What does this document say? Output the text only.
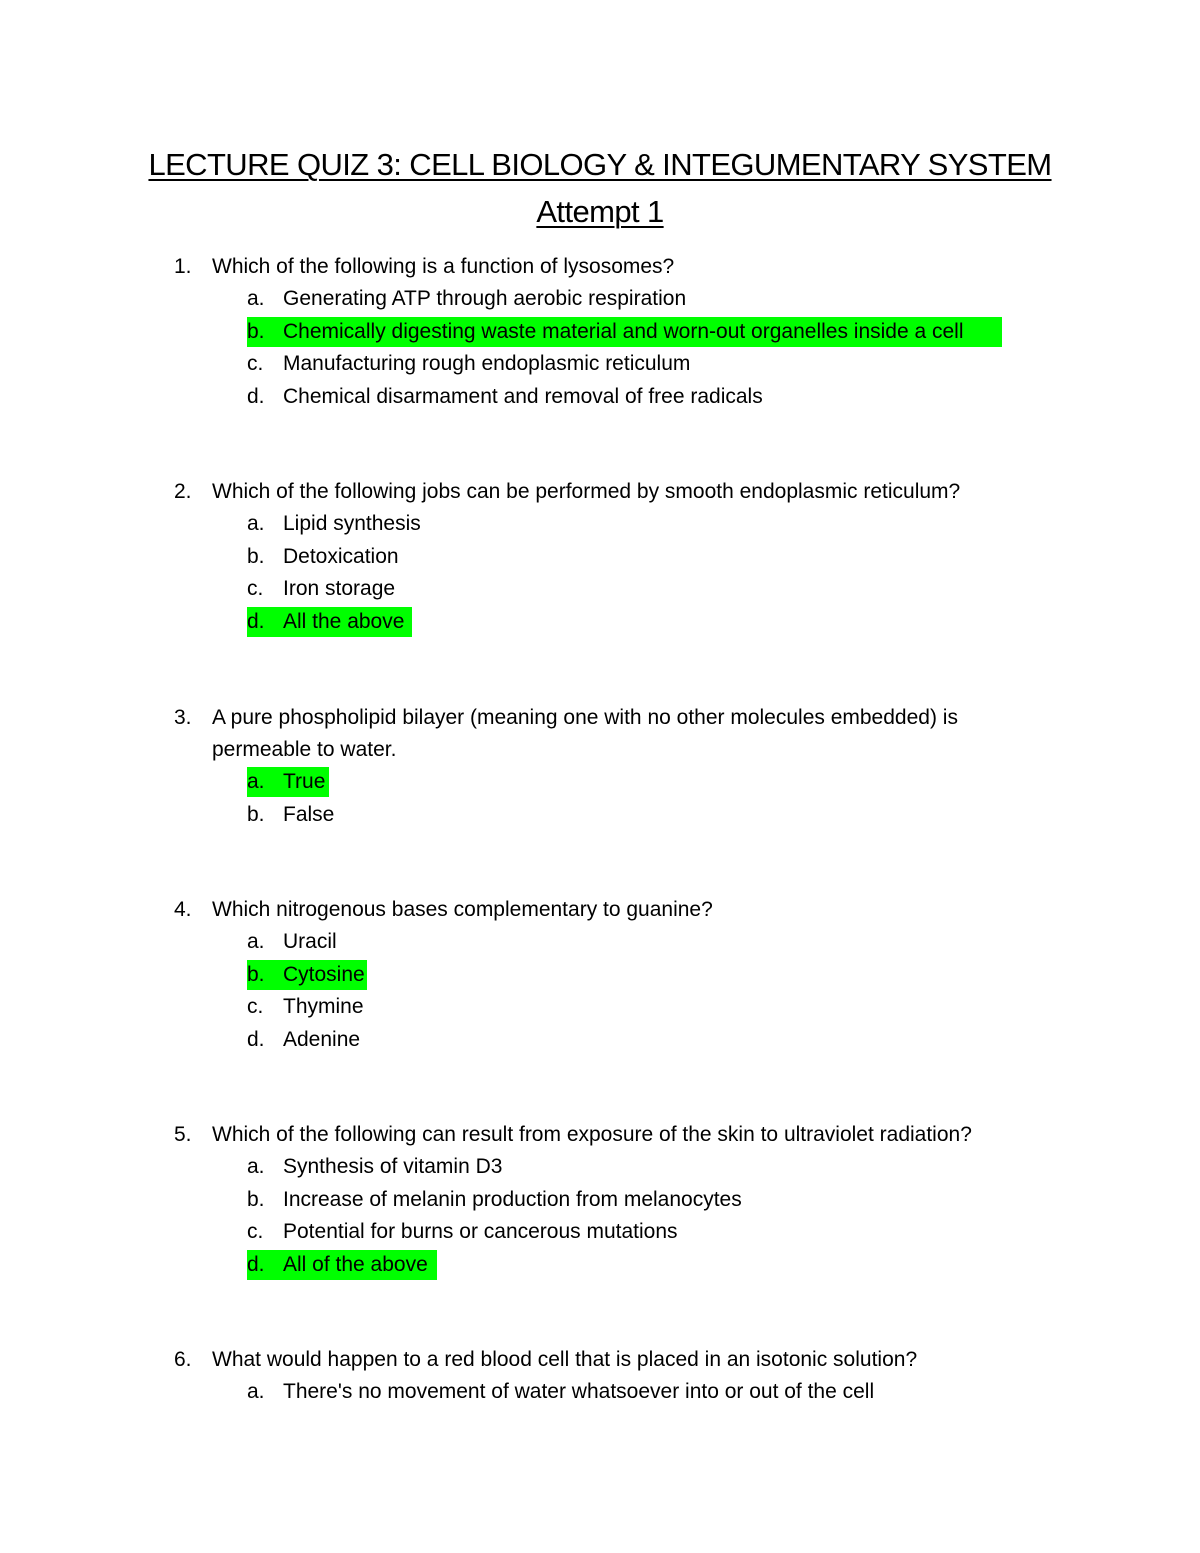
LECTURE QUIZ 3: CELL BIOLOGY & INTEGUMENTARY SYSTEM
Attempt 1
1. Which of the following is a function of lysosomes?
a. Generating ATP through aerobic respiration
b. Chemically digesting waste material and worn-out organelles inside a cell
c. Manufacturing rough endoplasmic reticulum
d. Chemical disarmament and removal of free radicals
2. Which of the following jobs can be performed by smooth endoplasmic reticulum?
a. Lipid synthesis
b. Detoxication
c. Iron storage
d. All the above
3. A pure phospholipid bilayer (meaning one with no other molecules embedded) is permeable to water.
a. True
b. False
4. Which nitrogenous bases complementary to guanine?
a. Uracil
b. Cytosine
c. Thymine
d. Adenine
5. Which of the following can result from exposure of the skin to ultraviolet radiation?
a. Synthesis of vitamin D3
b. Increase of melanin production from melanocytes
c. Potential for burns or cancerous mutations
d. All of the above
6. What would happen to a red blood cell that is placed in an isotonic solution?
a. There's no movement of water whatsoever into or out of the cell
